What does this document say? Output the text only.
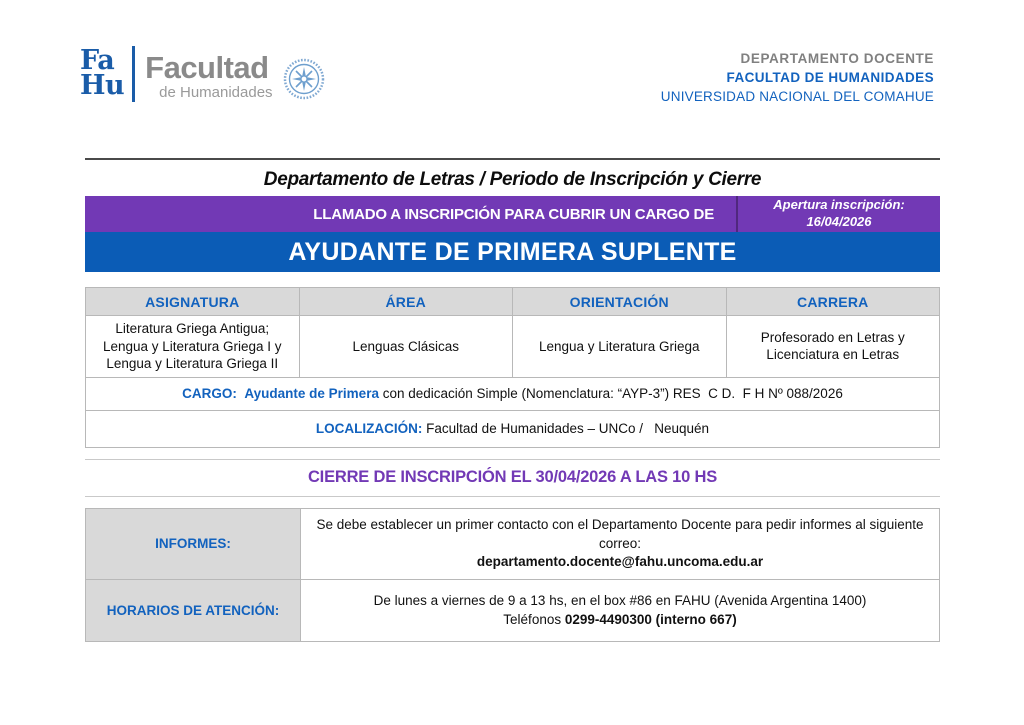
Fa
Hu
Facultad
de Humanidades
DEPARTAMENTO DOCENTE
FACULTAD DE HUMANIDADES
UNIVERSIDAD NACIONAL DEL COMAHUE
Departamento de Letras / Periodo de Inscripción y Cierre
LLAMADO A INSCRIPCIÓN PARA CUBRIR UN CARGO DE
Apertura inscripción:
16/04/2026
AYUDANTE DE PRIMERA SUPLENTE
ASIGNATURA	ÁREA	ORIENTACIÓN	CARRERA
Literatura Griega Antigua; Lengua y Literatura Griega I y Lengua y Literatura Griega II	Lenguas Clásicas	Lengua y Literatura Griega	Profesorado en Letras y Licenciatura en Letras
CARGO: Ayudante de Primera con dedicación Simple (Nomenclatura: “AYP-3”) RES  C D.  F H Nº 088/2026			
LOCALIZACIÓN: Facultad de Humanidades – UNCo /   Neuquén			
CIERRE DE INSCRIPCIÓN EL 30/04/2026 A LAS 10 HS
INFORMES:	Se debe establecer un primer contacto con el Departamento Docente para pedir informes al siguiente correo:
departamento.docente@fahu.uncoma.edu.ar
HORARIOS DE ATENCIÓN:	De lunes a viernes de 9 a 13 hs, en el box #86 en FAHU (Avenida Argentina 1400)
Teléfonos 0299-4490300 (interno 667)
